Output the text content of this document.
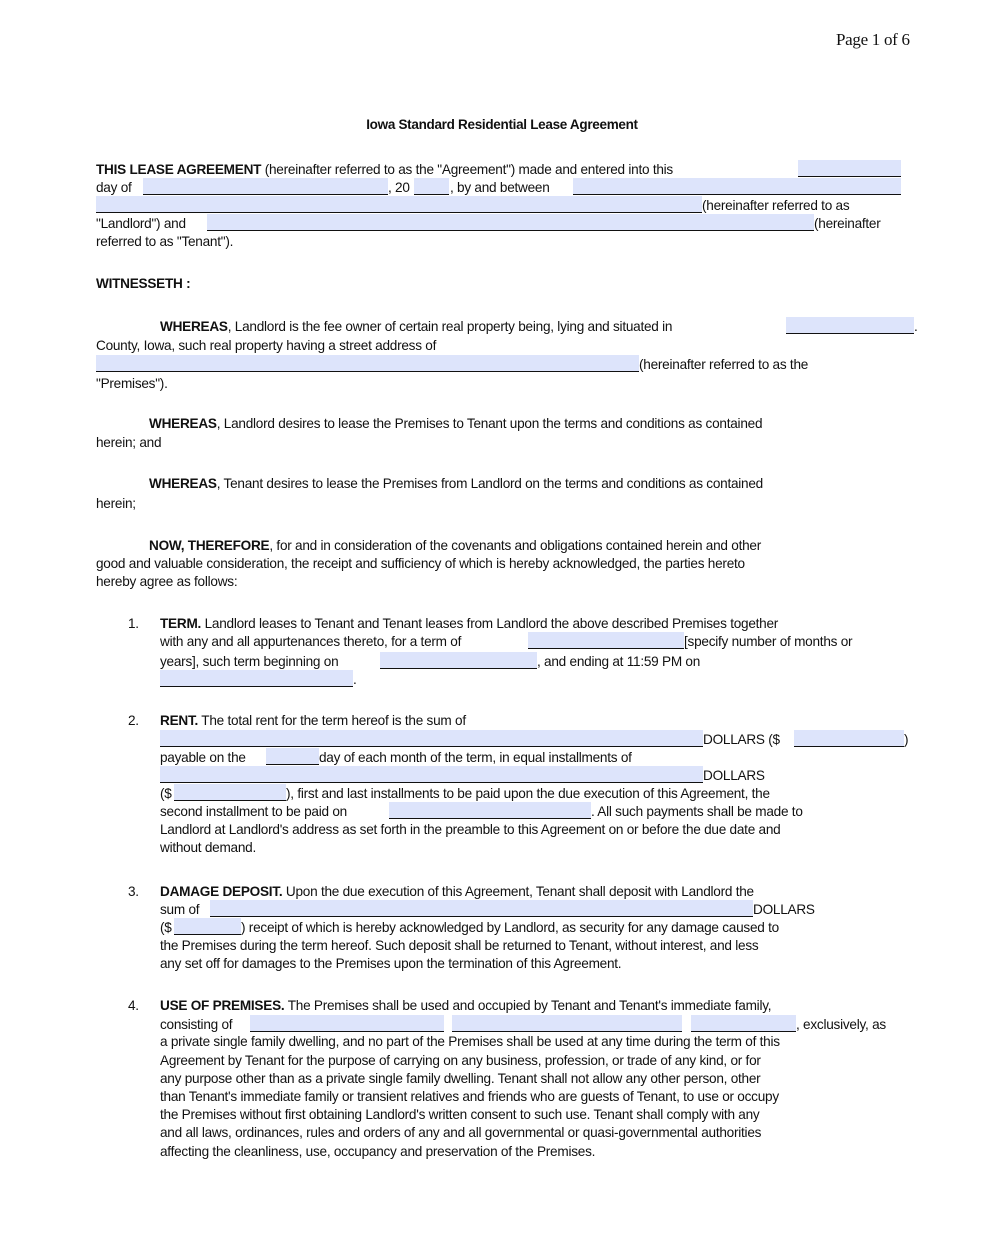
Page 1 of 6
Iowa Standard Residential Lease Agreement
THIS LEASE AGREEMENT (hereinafter referred to as the "Agreement") made and entered into this
day of	, 20	, by and between
(hereinafter referred to as
"Landlord") and	(hereinafter
referred to as "Tenant").
WITNESSETH :
WHEREAS, Landlord is the fee owner of certain real property being, lying and situated in	.
County, Iowa, such real property having a street address of
(hereinafter referred to as the
"Premises").
WHEREAS, Landlord desires to lease the Premises to Tenant upon the terms and conditions as contained
herein; and
WHEREAS, Tenant desires to lease the Premises from Landlord on the terms and conditions as contained
herein;
NOW, THEREFORE, for and in consideration of the covenants and obligations contained herein and other
good and valuable consideration, the receipt and sufficiency of which is hereby acknowledged, the parties hereto
hereby agree as follows:
1. TERM. Landlord leases to Tenant and Tenant leases from Landlord the above described Premises together
with any and all appurtenances thereto, for a term of	[specify number of months or
years], such term beginning on	, and ending at 11:59 PM on
.
2. RENT. The total rent for the term hereof is the sum of
DOLLARS ($	)
payable on the	day of each month of the term, in equal installments of
DOLLARS
($	), first and last installments to be paid upon the due execution of this Agreement, the
second installment to be paid on	. All such payments shall be made to
Landlord at Landlord's address as set forth in the preamble to this Agreement on or before the due date and
without demand.
3. DAMAGE DEPOSIT. Upon the due execution of this Agreement, Tenant shall deposit with Landlord the
sum of	DOLLARS
($	) receipt of which is hereby acknowledged by Landlord, as security for any damage caused to
the Premises during the term hereof. Such deposit shall be returned to Tenant, without interest, and less
any set off for damages to the Premises upon the termination of this Agreement.
4. USE OF PREMISES. The Premises shall be used and occupied by Tenant and Tenant's immediate family,
consisting of	, exclusively, as
a private single family dwelling, and no part of the Premises shall be used at any time during the term of this
Agreement by Tenant for the purpose of carrying on any business, profession, or trade of any kind, or for
any purpose other than as a private single family dwelling. Tenant shall not allow any other person, other
than Tenant's immediate family or transient relatives and friends who are guests of Tenant, to use or occupy
the Premises without first obtaining Landlord's written consent to such use. Tenant shall comply with any
and all laws, ordinances, rules and orders of any and all governmental or quasi-governmental authorities
affecting the cleanliness, use, occupancy and preservation of the Premises.
